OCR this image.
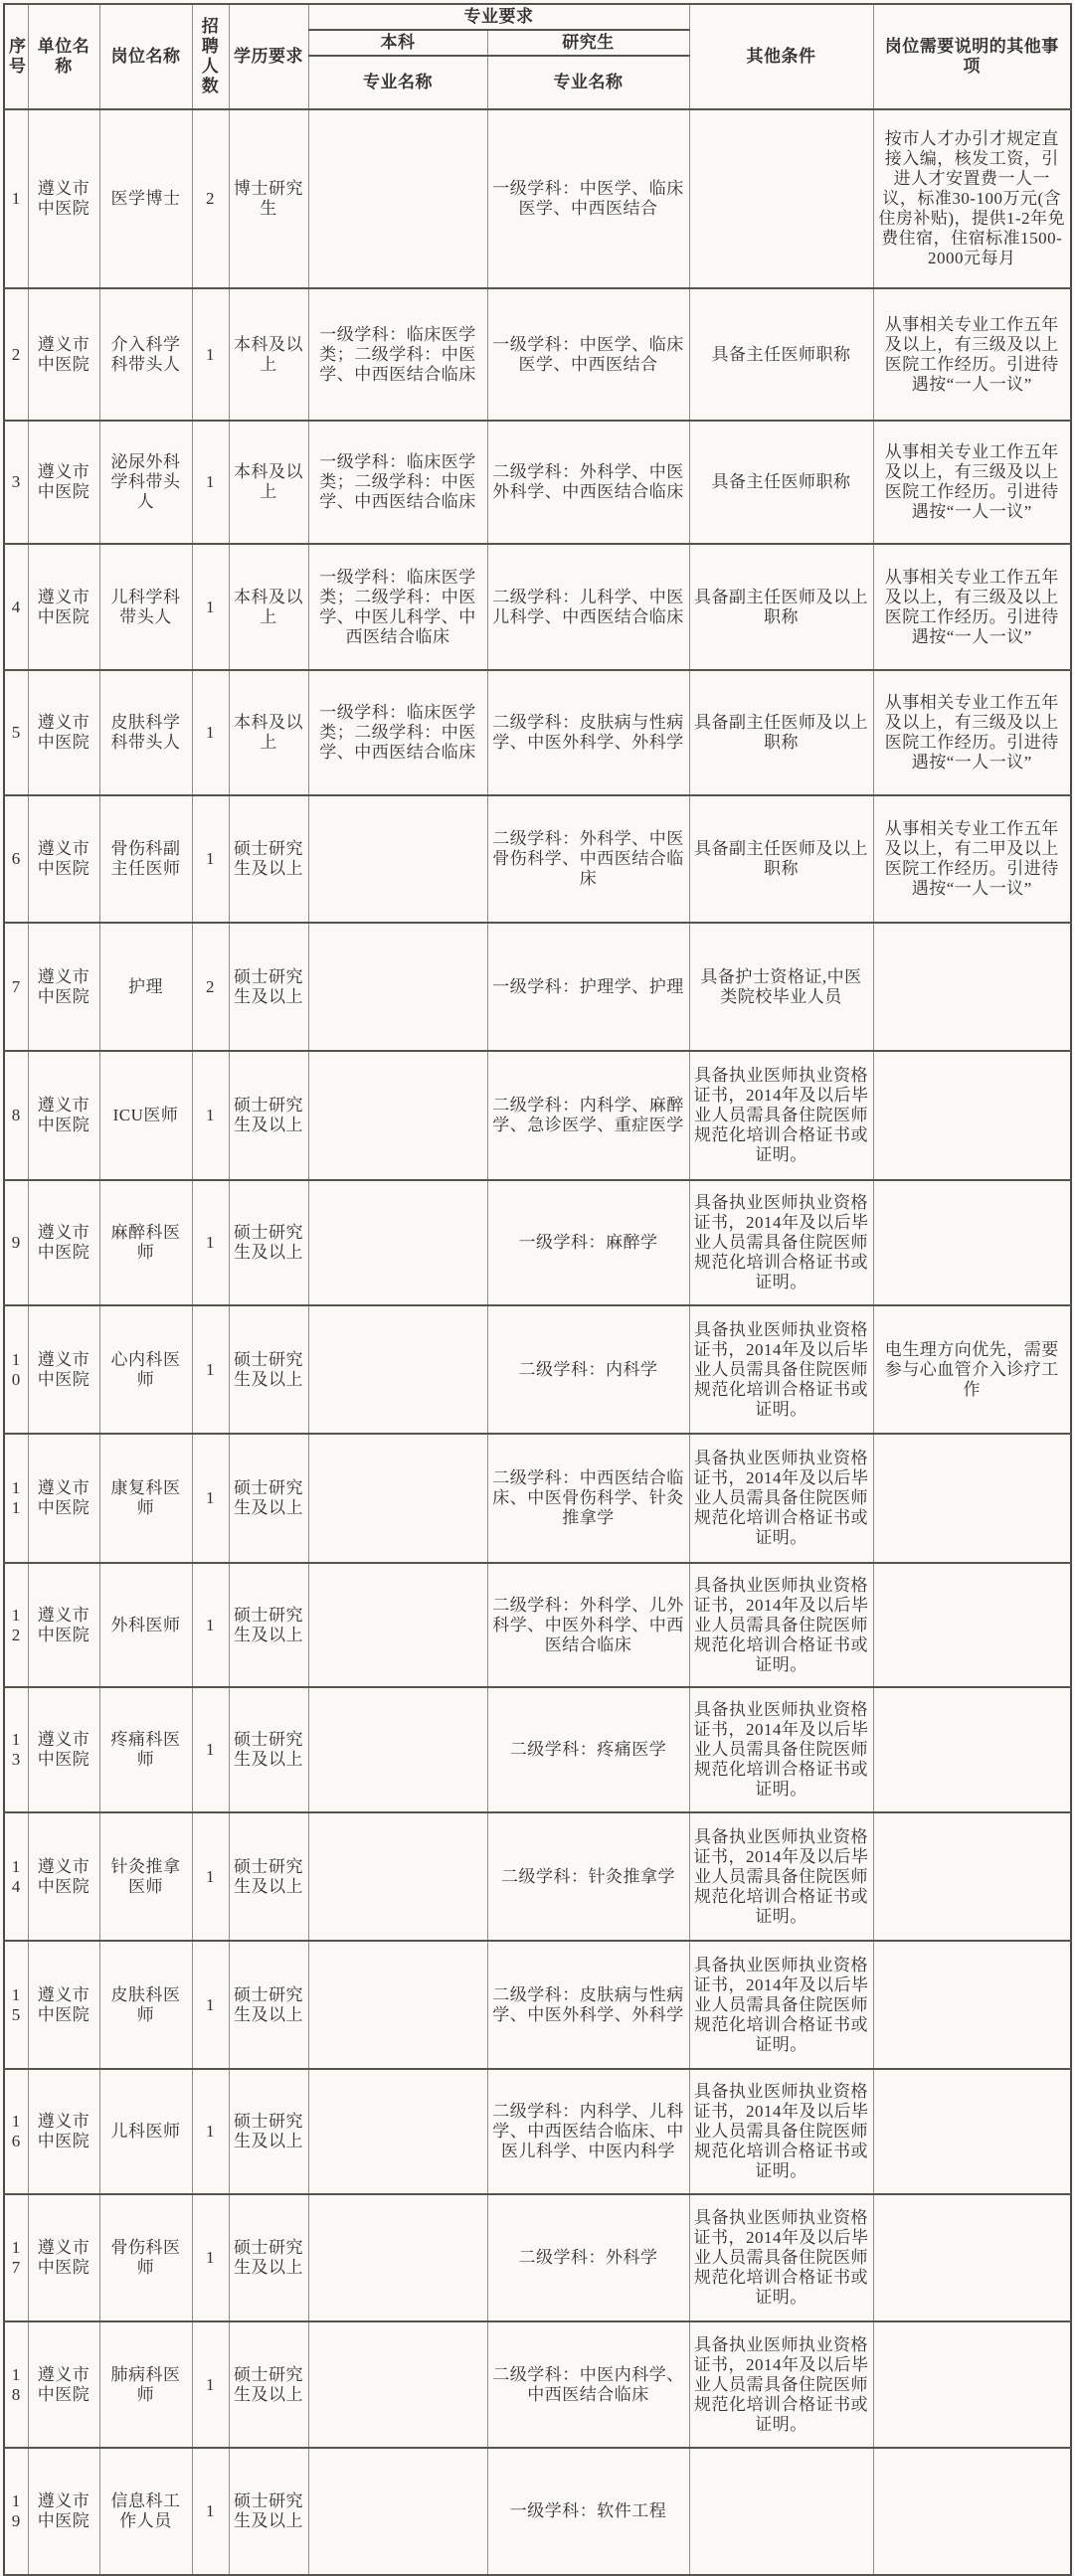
序号	单位名称	岗位名称	招聘人数	学历要求	专业要求		其他条件	岗位需要说明的其他事项
					本科	研究生		
					专业名称	专业名称		
1	遵义市中医院	医学博士	2	博士研究生		一级学科：中医学、临床医学、中西医结合		按市人才办引才规定直接入编，核发工资，引进人才安置费一人一议，标准30-100万元(含住房补贴)，提供1-2年免费住宿，住宿标准1500-2000元每月
2	遵义市中医院	介入科学科带头人	1	本科及以上	一级学科：临床医学类；二级学科：中医学、中西医结合临床	一级学科：中医学、临床医学、中西医结合	具备主任医师职称	从事相关专业工作五年及以上，有三级及以上医院工作经历。引进待遇按“一人一议”
3	遵义市中医院	泌尿外科学科带头人	1	本科及以上	一级学科：临床医学类；二级学科：中医学、中西医结合临床	二级学科：外科学、中医外科学、中西医结合临床	具备主任医师职称	从事相关专业工作五年及以上，有三级及以上医院工作经历。引进待遇按“一人一议”
4	遵义市中医院	儿科学科带头人	1	本科及以上	一级学科：临床医学类；二级学科：中医学、中医儿科学、中西医结合临床	二级学科：儿科学、中医儿科学、中西医结合临床	具备副主任医师及以上职称	从事相关专业工作五年及以上，有三级及以上医院工作经历。引进待遇按“一人一议”
5	遵义市中医院	皮肤科学科带头人	1	本科及以上	一级学科：临床医学类；二级学科：中医学、中西医结合临床	二级学科：皮肤病与性病学、中医外科学、外科学	具备副主任医师及以上职称	从事相关专业工作五年及以上，有三级及以上医院工作经历。引进待遇按“一人一议”
6	遵义市中医院	骨伤科副主任医师	1	硕士研究生及以上		二级学科：外科学、中医骨伤科学、中西医结合临床	具备副主任医师及以上职称	从事相关专业工作五年及以上，有二甲及以上医院工作经历。引进待遇按“一人一议”
7	遵义市中医院	护理	2	硕士研究生及以上		一级学科：护理学、护理	具备护士资格证,中医类院校毕业人员	
8	遵义市中医院	ICU医师	1	硕士研究生及以上		二级学科：内科学、麻醉学、急诊医学、重症医学	具备执业医师执业资格证书，2014年及以后毕业人员需具备住院医师规范化培训合格证书或证明。	
9	遵义市中医院	麻醉科医师	1	硕士研究生及以上		一级学科：麻醉学	具备执业医师执业资格证书，2014年及以后毕业人员需具备住院医师规范化培训合格证书或证明。	
10	遵义市中医院	心内科医师	1	硕士研究生及以上		二级学科：内科学	具备执业医师执业资格证书，2014年及以后毕业人员需具备住院医师规范化培训合格证书或证明。	电生理方向优先，需要参与心血管介入诊疗工作
11	遵义市中医院	康复科医师	1	硕士研究生及以上		二级学科：中西医结合临床、中医骨伤科学、针灸推拿学	具备执业医师执业资格证书，2014年及以后毕业人员需具备住院医师规范化培训合格证书或证明。	
12	遵义市中医院	外科医师	1	硕士研究生及以上		二级学科：外科学、儿外科学、中医外科学、中西医结合临床	具备执业医师执业资格证书，2014年及以后毕业人员需具备住院医师规范化培训合格证书或证明。	
13	遵义市中医院	疼痛科医师	1	硕士研究生及以上		二级学科：疼痛医学	具备执业医师执业资格证书，2014年及以后毕业人员需具备住院医师规范化培训合格证书或证明。	
14	遵义市中医院	针灸推拿医师	1	硕士研究生及以上		二级学科：针灸推拿学	具备执业医师执业资格证书，2014年及以后毕业人员需具备住院医师规范化培训合格证书或证明。	
15	遵义市中医院	皮肤科医师	1	硕士研究生及以上		二级学科：皮肤病与性病学、中医外科学、外科学	具备执业医师执业资格证书，2014年及以后毕业人员需具备住院医师规范化培训合格证书或证明。	
16	遵义市中医院	儿科医师	1	硕士研究生及以上		二级学科：内科学、儿科学、中西医结合临床、中医儿科学、中医内科学	具备执业医师执业资格证书，2014年及以后毕业人员需具备住院医师规范化培训合格证书或证明。	
17	遵义市中医院	骨伤科医师	1	硕士研究生及以上		二级学科：外科学	具备执业医师执业资格证书，2014年及以后毕业人员需具备住院医师规范化培训合格证书或证明。	
18	遵义市中医院	肺病科医师	1	硕士研究生及以上		二级学科：中医内科学、中西医结合临床	具备执业医师执业资格证书，2014年及以后毕业人员需具备住院医师规范化培训合格证书或证明。	
19	遵义市中医院	信息科工作人员	1	硕士研究生及以上		一级学科：软件工程		
